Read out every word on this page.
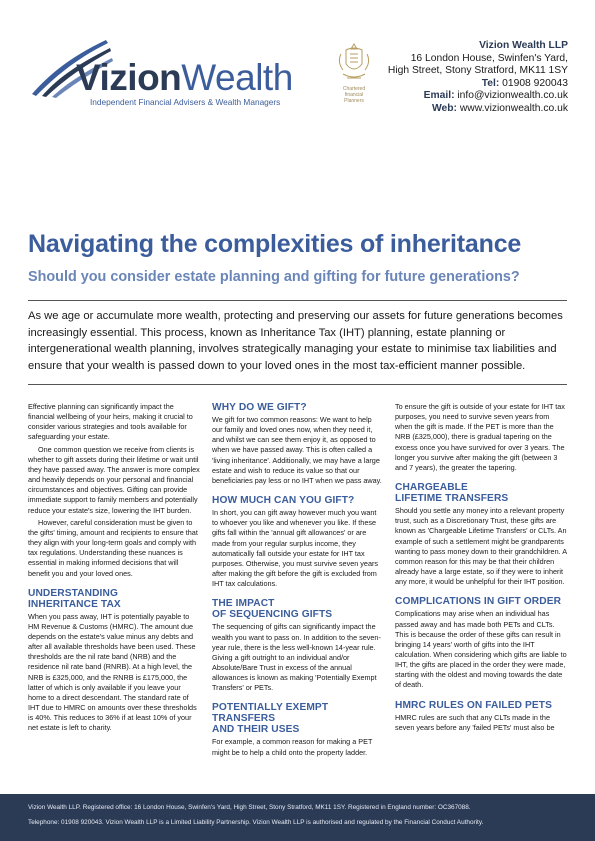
VizionWealth
Independent Financial Advisers & Wealth Managers
Chartered
financial
Planners
Vizion Wealth LLP
16 London House, Swinfen's Yard,
High Street, Stony Stratford, MK11 1SY
Tel: 01908 920043
Email: info@vizionwealth.co.uk
Web: www.vizionwealth.co.uk
Navigating the complexities of inheritance
Should you consider estate planning and gifting for future generations?

As we age or accumulate more wealth, protecting and preserving our assets for future generations becomes increasingly essential. This process, known as Inheritance Tax (IHT) planning, estate planning or intergenerational wealth planning, involves strategically managing your estate to minimise tax liabilities and ensure that your wealth is passed down to your loved ones in the most tax-efficient manner possible.

Effective planning can significantly impact the financial wellbeing of your heirs, making it crucial to consider various strategies and tools available for safeguarding your estate.

One common question we receive from clients is whether to gift assets during their lifetime or wait until they have passed away. The answer is more complex and heavily depends on your personal and financial circumstances and objectives. Gifting can provide immediate support to family members and potentially reduce your estate's size, lowering the IHT burden.

However, careful consideration must be given to the gifts' timing, amount and recipients to ensure that they align with your long-term goals and comply with tax regulations. Understanding these nuances is essential in making informed decisions that will benefit you and your loved ones.

UNDERSTANDING
INHERITANCE TAX

When you pass away, IHT is potentially payable to HM Revenue & Customs (HMRC). The amount due depends on the estate's value minus any debts and after all available thresholds have been used. These thresholds are the nil rate band (NRB) and the residence nil rate band (RNRB). At a high level, the NRB is £325,000, and the RNRB is £175,000, the latter of which is only available if you leave your home to a direct descendant. The standard rate of IHT due to HMRC on amounts over these thresholds is 40%. This reduces to 36% if at least 10% of your net estate is left to charity.

WHY DO WE GIFT?

We gift for two common reasons: We want to help our family and loved ones now, when they need it, and whilst we can see them enjoy it, as opposed to when we have passed away. This is often called a 'living inheritance'. Additionally, we may have a large estate and wish to reduce its value so that our beneficiaries pay less or no IHT when we pass away.

HOW MUCH CAN YOU GIFT?

In short, you can gift away however much you want to whoever you like and whenever you like. If these gifts fall within the 'annual gift allowances' or are made from your regular surplus income, they automatically fall outside your estate for IHT tax purposes. Otherwise, you must survive seven years after making the gift before the gift is excluded from IHT tax calculations.

THE IMPACT
OF SEQUENCING GIFTS

The sequencing of gifts can significantly impact the wealth you want to pass on. In addition to the seven-year rule, there is the less well-known 14-year rule. Giving a gift outright to an individual and/or Absolute/Bare Trust in excess of the annual allowances is known as making 'Potentially Exempt Transfers' or PETs.

POTENTIALLY EXEMPT TRANSFERS
AND THEIR USES

For example, a common reason for making a PET might be to help a child onto the property ladder.

To ensure the gift is outside of your estate for IHT tax purposes, you need to survive seven years from when the gift is made. If the PET is more than the NRB (£325,000), there is gradual tapering on the excess once you have survived for over 3 years. The longer you survive after making the gift (between 3 and 7 years), the greater the tapering.

CHARGEABLE
LIFETIME TRANSFERS

Should you settle any money into a relevant property trust, such as a Discretionary Trust, these gifts are known as 'Chargeable Lifetime Transfers' or CLTs. An example of such a settlement might be grandparents wanting to pass money down to their grandchildren. A common reason for this may be that their children already have a large estate, so if they were to inherit any more, it would be unhelpful for their IHT position.

COMPLICATIONS IN GIFT ORDER

Complications may arise when an individual has passed away and has made both PETs and CLTs. This is because the order of these gifts can result in bringing 14 years' worth of gifts into the IHT calculation. When considering which gifts are liable to IHT, the gifts are placed in the order they were made, starting with the oldest and moving towards the date of death.

HMRC RULES ON FAILED PETS

HMRC rules are such that any CLTs made in the seven years before any 'failed PETs' must also be

Vizion Wealth LLP. Registered office: 16 London House, Swinfen's Yard, High Street, Stony Stratford, MK11 1SY. Registered in England number: OC367088.
Telephone: 01908 920043. Vizion Wealth LLP is a Limited Liability Partnership. Vizion Wealth LLP is authorised and regulated by the Financial Conduct Authority.
